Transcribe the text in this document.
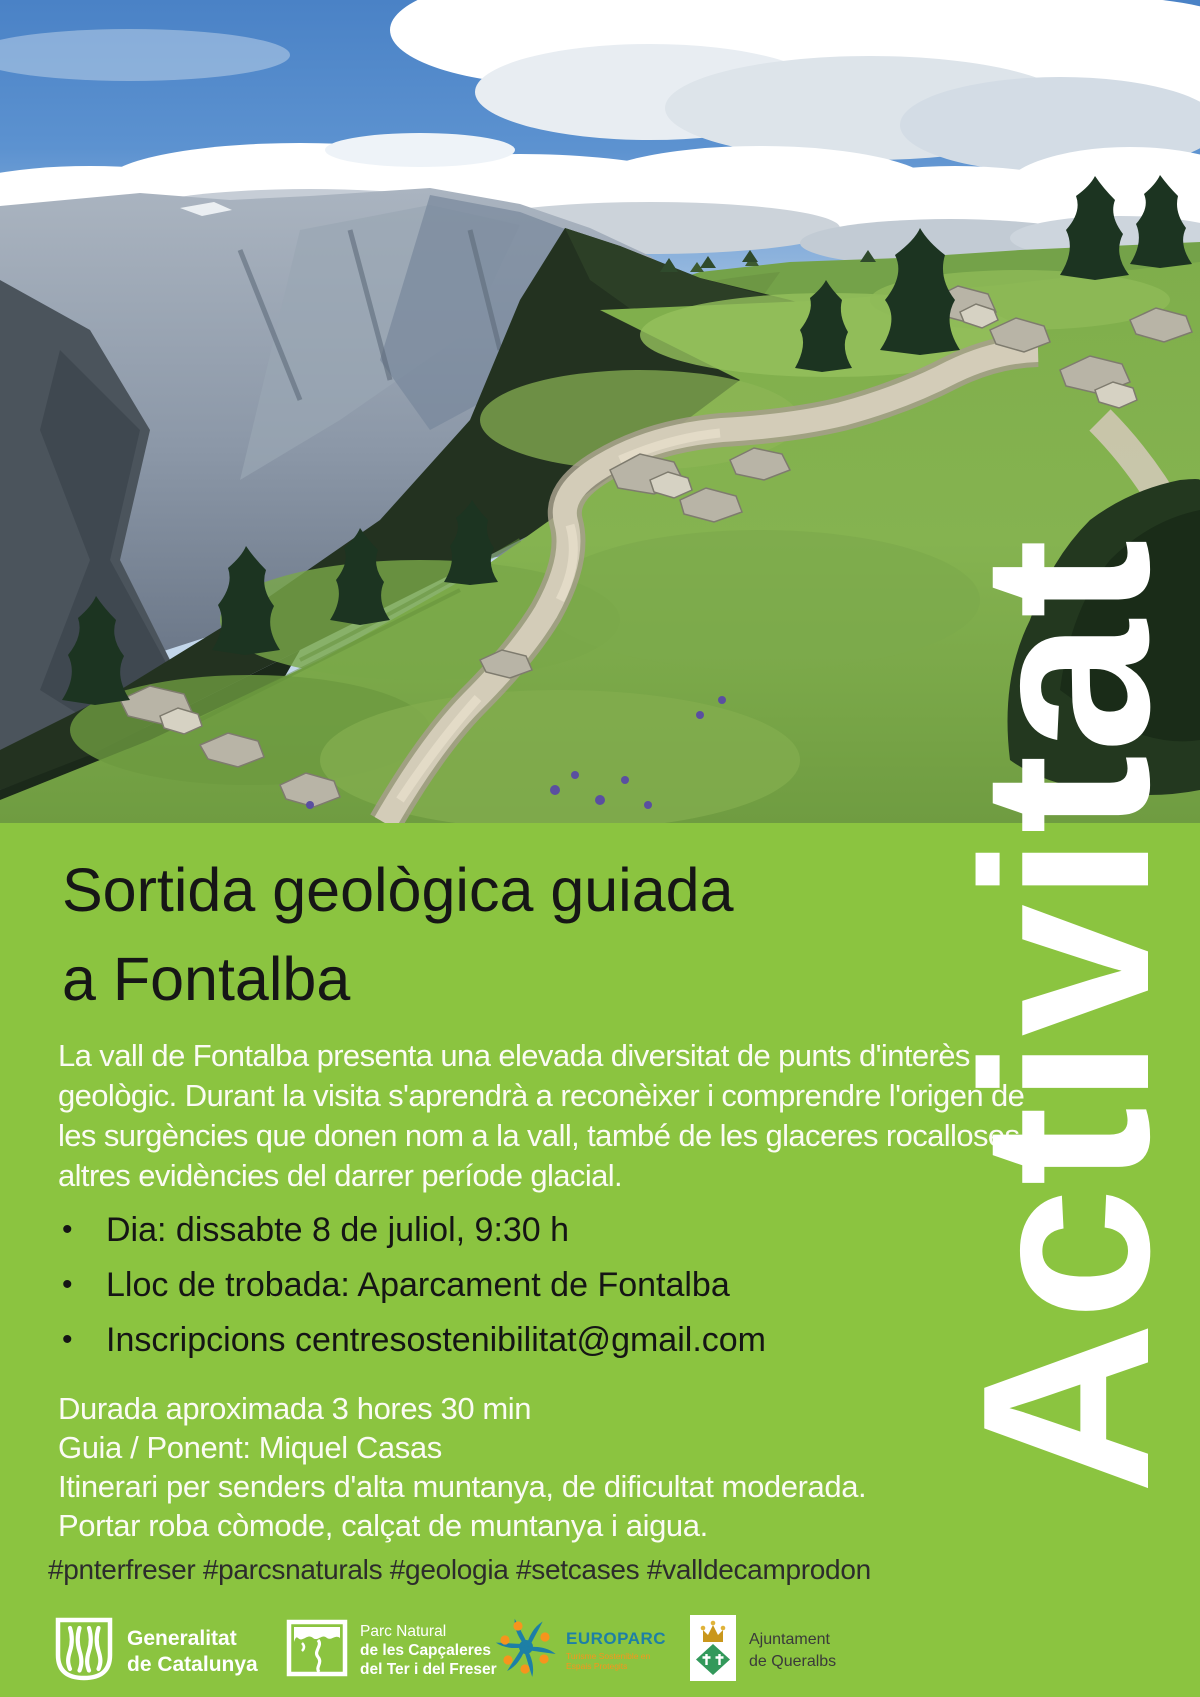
Activitat
Sortida geològica guiada
a Fontalba
La vall de Fontalba presenta una elevada diversitat de punts d'interès geològic. Durant la visita s'aprendrà a reconèixer i comprendre l'origen de les surgències que donen nom a la vall, també de les glaceres rocalloses i altres evidències del darrer període glacial.
• Dia: dissabte 8 de juliol, 9:30 h
• Lloc de trobada: Aparcament de Fontalba
• Inscripcions centresostenibilitat@gmail.com
Durada aproximada 3 hores 30 min
Guia / Ponent: Miquel Casas
Itinerari per senders d'alta muntanya, de dificultat moderada.
Portar roba còmode, calçat de muntanya i aigua.
#pnterfreser #parcsnaturals #geologia #setcases #valldecamprodon
Generalitat
de Catalunya
Parc Natural
de les Capçaleres
del Ter i del Freser
EUROPARC
Turisme Sostenible en
Espais Protegits
Ajuntament
de Queralbs
